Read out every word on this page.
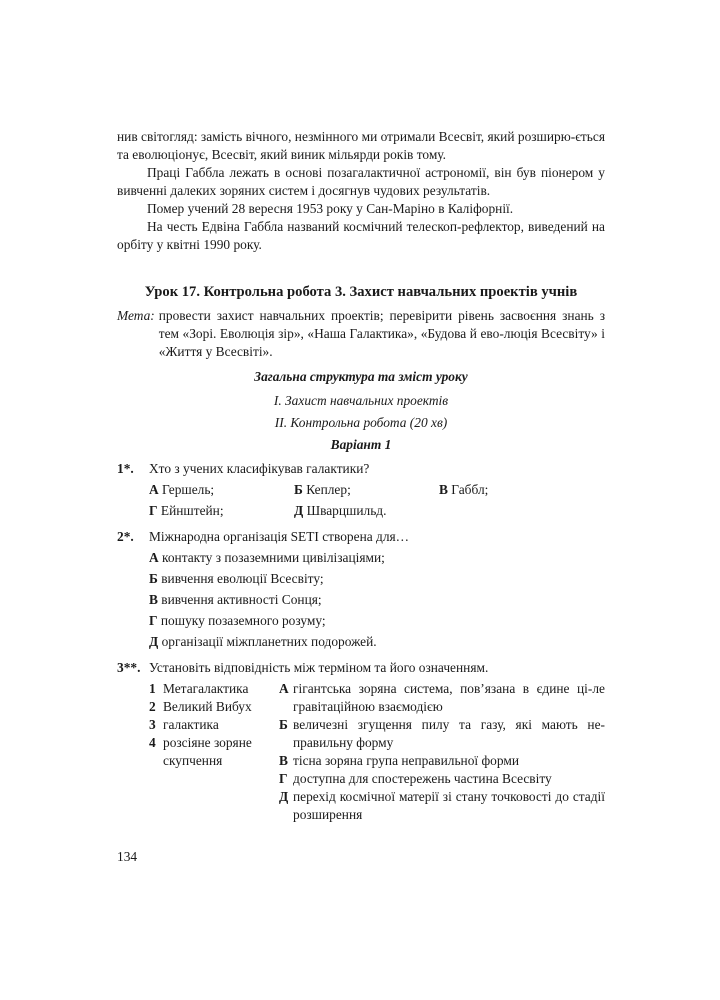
нив світогляд: замість вічного, незмінного ми отримали Всесвіт, який розширю-ється та еволюціонує, Всесвіт, який виник мільярди років тому.

Праці Габбла лежать в основі позагалактичної астрономії, він був піонером у вивченні далеких зоряних систем і досягнув чудових результатів.

Помер учений 28 вересня 1953 року у Сан-Маріно в Каліфорнії.

На честь Едвіна Габбла названий космічний телескоп-рефлектор, виведений на орбіту у квітні 1990 року.

Урок 17. Контрольна робота 3. Захист навчальних проектів учнів
Мета: провести захист навчальних проектів; перевірити рівень засвоєння знань з тем «Зорі. Еволюція зір», «Наша Галактика», «Будова й ево-люція Всесвіту» і «Життя у Всесвіті».
Загальна структура та зміст уроку
І. Захист навчальних проектів
ІІ. Контрольна робота (20 хв)
Варіант 1
1*.	Хто з учених класифікував галактики?
А Гершель;	Б Кеплер;	В Габбл;
Г Ейнштейн;	Д Шварцшильд.
2*.	Міжнародна організація SETI створена для…
А контакту з позаземними цивілізаціями;
Б вивчення еволюції Всесвіту;
В вивчення активності Сонця;
Г пошуку позаземного розуму;
Д організації міжпланетних подорожей.
3**. Установіть відповідність між терміном та його означенням.
1 Метагалактика
2 Великий Вибух
3 галактика
4 розсіяне зоряне скупчення
А гігантська зоряна система, пов’язана в єдине ці-ле гравітаційною взаємодією
Б величезні згущення пилу та газу, які мають не-правильну форму
В тісна зоряна група неправильної форми
Г доступна для спостережень частина Всесвіту
Д перехід космічної матерії зі стану точковості до стадії розширення
134
